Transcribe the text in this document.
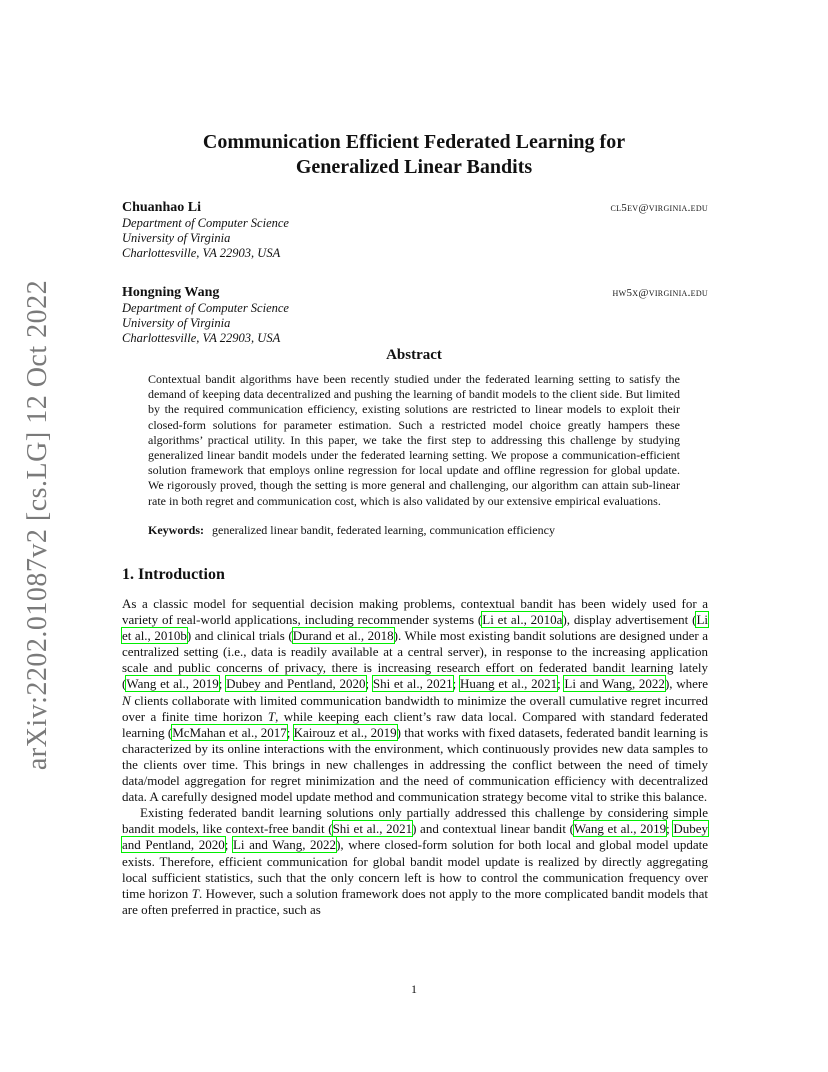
arXiv:2202.01087v2 [cs.LG] 12 Oct 2022
Communication Efficient Federated Learning for
Generalized Linear Bandits
Chuanhao Li	cl5ev@virginia.edu
Department of Computer Science
University of Virginia
Charlottesville, VA 22903, USA
Hongning Wang	hw5x@virginia.edu
Department of Computer Science
University of Virginia
Charlottesville, VA 22903, USA
Abstract

Contextual bandit algorithms have been recently studied under the federated learning setting to satisfy the demand of keeping data decentralized and pushing the learning of bandit models to the client side. But limited by the required communication efficiency, existing solutions are restricted to linear models to exploit their closed-form solutions for parameter estimation. Such a restricted model choice greatly hampers these algorithms’ practical utility. In this paper, we take the first step to addressing this challenge by studying generalized linear bandit models under the federated learning setting. We propose a communication-efficient solution framework that employs online regression for local update and offline regression for global update. We rigorously proved, though the setting is more general and challenging, our algorithm can attain sub-linear rate in both regret and communication cost, which is also validated by our extensive empirical evaluations.

Keywords: generalized linear bandit, federated learning, communication efficiency
1. Introduction

As a classic model for sequential decision making problems, contextual bandit has been widely used for a variety of real-world applications, including recommender systems (Li et al., 2010a), display advertisement (Li et al., 2010b) and clinical trials (Durand et al., 2018). While most existing bandit solutions are designed under a centralized setting (i.e., data is readily available at a central server), in response to the increasing application scale and public concerns of privacy, there is increasing research effort on federated bandit learning lately (Wang et al., 2019; Dubey and Pentland, 2020; Shi et al., 2021; Huang et al., 2021; Li and Wang, 2022), where N clients collaborate with limited communication bandwidth to minimize the overall cumulative regret incurred over a finite time horizon T, while keeping each client’s raw data local. Compared with standard federated learning (McMahan et al., 2017; Kairouz et al., 2019) that works with fixed datasets, federated bandit learning is characterized by its online interactions with the environment, which continuously provides new data samples to the clients over time. This brings in new challenges in addressing the conflict between the need of timely data/model aggregation for regret minimization and the need of communication efficiency with decentralized data. A carefully designed model update method and communication strategy become vital to strike this balance.

Existing federated bandit learning solutions only partially addressed this challenge by considering simple bandit models, like context-free bandit (Shi et al., 2021) and contextual linear bandit (Wang et al., 2019; Dubey and Pentland, 2020; Li and Wang, 2022), where closed-form solution for both local and global model update exists. Therefore, efficient communication for global bandit model update is realized by directly aggregating local sufficient statistics, such that the only concern left is how to control the communication frequency over time horizon T. However, such a solution framework does not apply to the more complicated bandit models that are often preferred in practice, such as

1
